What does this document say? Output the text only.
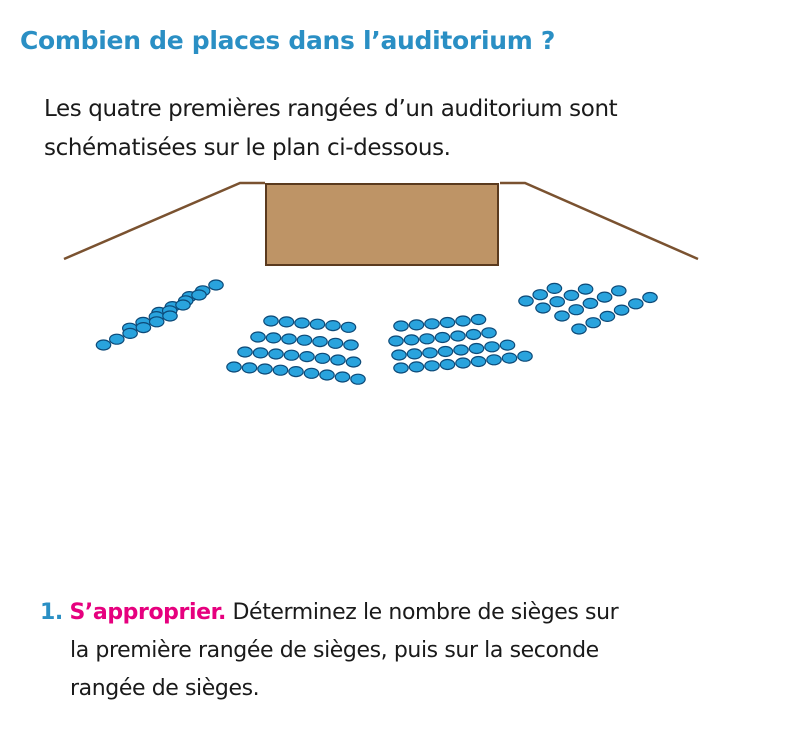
Combien de places dans l’auditorium ?

Les quatre premières rangées d’un auditorium sont
schématisées sur le plan ci-dessous.

1. S’approprier. Déterminez le nombre de sièges sur
la première rangée de sièges, puis sur la seconde
rangée de sièges.
